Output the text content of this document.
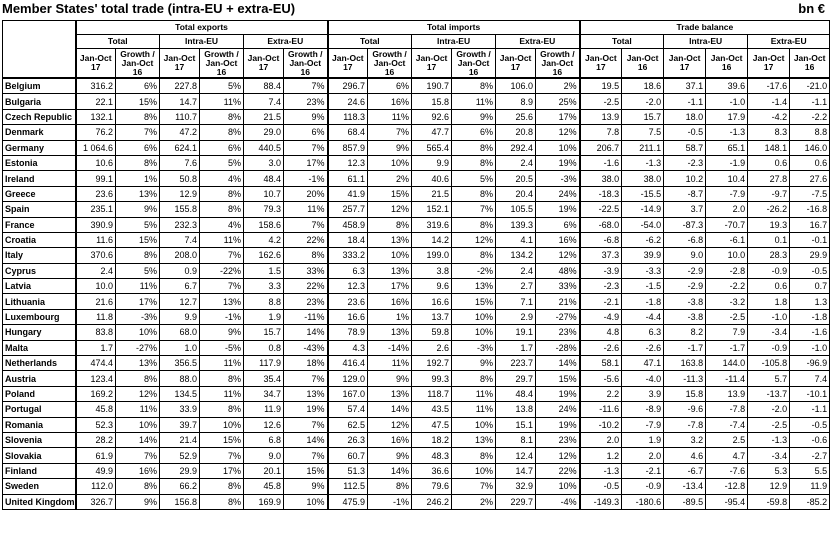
Member States' total trade (intra-EU + extra-EU)	bn €
	Total exports						Total imports						Trade balance					
	Total		Intra-EU		Extra-EU		Total		Intra-EU		Extra-EU		Total		Intra-EU		Extra-EU	
	Jan-Oct 17	Growth / Jan-Oct 16	Jan-Oct 17	Growth / Jan-Oct 16	Jan-Oct 17	Growth / Jan-Oct 16	Jan-Oct 17	Growth / Jan-Oct 16	Jan-Oct 17	Growth / Jan-Oct 16	Jan-Oct 17	Growth / Jan-Oct 16	Jan-Oct 17	Jan-Oct 16	Jan-Oct 17	Jan-Oct 16	Jan-Oct 17	Jan-Oct 16
Belgium	316.2	6%	227.8	5%	88.4	7%	296.7	6%	190.7	8%	106.0	2%	19.5	18.6	37.1	39.6	-17.6	-21.0
Bulgaria	22.1	15%	14.7	11%	7.4	23%	24.6	16%	15.8	11%	8.9	25%	-2.5	-2.0	-1.1	-1.0	-1.4	-1.1
Czech Republic	132.1	8%	110.7	8%	21.5	9%	118.3	11%	92.6	9%	25.6	17%	13.9	15.7	18.0	17.9	-4.2	-2.2
Denmark	76.2	7%	47.2	8%	29.0	6%	68.4	7%	47.7	6%	20.8	12%	7.8	7.5	-0.5	-1.3	8.3	8.8
Germany	1 064.6	6%	624.1	6%	440.5	7%	857.9	9%	565.4	8%	292.4	10%	206.7	211.1	58.7	65.1	148.1	146.0
Estonia	10.6	8%	7.6	5%	3.0	17%	12.3	10%	9.9	8%	2.4	19%	-1.6	-1.3	-2.3	-1.9	0.6	0.6
Ireland	99.1	1%	50.8	4%	48.4	-1%	61.1	2%	40.6	5%	20.5	-3%	38.0	38.0	10.2	10.4	27.8	27.6
Greece	23.6	13%	12.9	8%	10.7	20%	41.9	15%	21.5	8%	20.4	24%	-18.3	-15.5	-8.7	-7.9	-9.7	-7.5
Spain	235.1	9%	155.8	8%	79.3	11%	257.7	12%	152.1	7%	105.5	19%	-22.5	-14.9	3.7	2.0	-26.2	-16.8
France	390.9	5%	232.3	4%	158.6	7%	458.9	8%	319.6	8%	139.3	6%	-68.0	-54.0	-87.3	-70.7	19.3	16.7
Croatia	11.6	15%	7.4	11%	4.2	22%	18.4	13%	14.2	12%	4.1	16%	-6.8	-6.2	-6.8	-6.1	0.1	-0.1
Italy	370.6	8%	208.0	7%	162.6	8%	333.2	10%	199.0	8%	134.2	12%	37.3	39.9	9.0	10.0	28.3	29.9
Cyprus	2.4	5%	0.9	-22%	1.5	33%	6.3	13%	3.8	-2%	2.4	48%	-3.9	-3.3	-2.9	-2.8	-0.9	-0.5
Latvia	10.0	11%	6.7	7%	3.3	22%	12.3	17%	9.6	13%	2.7	33%	-2.3	-1.5	-2.9	-2.2	0.6	0.7
Lithuania	21.6	17%	12.7	13%	8.8	23%	23.6	16%	16.6	15%	7.1	21%	-2.1	-1.8	-3.8	-3.2	1.8	1.3
Luxembourg	11.8	-3%	9.9	-1%	1.9	-11%	16.6	1%	13.7	10%	2.9	-27%	-4.9	-4.4	-3.8	-2.5	-1.0	-1.8
Hungary	83.8	10%	68.0	9%	15.7	14%	78.9	13%	59.8	10%	19.1	23%	4.8	6.3	8.2	7.9	-3.4	-1.6
Malta	1.7	-27%	1.0	-5%	0.8	-43%	4.3	-14%	2.6	-3%	1.7	-28%	-2.6	-2.6	-1.7	-1.7	-0.9	-1.0
Netherlands	474.4	13%	356.5	11%	117.9	18%	416.4	11%	192.7	9%	223.7	14%	58.1	47.1	163.8	144.0	-105.8	-96.9
Austria	123.4	8%	88.0	8%	35.4	7%	129.0	9%	99.3	8%	29.7	15%	-5.6	-4.0	-11.3	-11.4	5.7	7.4
Poland	169.2	12%	134.5	11%	34.7	13%	167.0	13%	118.7	11%	48.4	19%	2.2	3.9	15.8	13.9	-13.7	-10.1
Portugal	45.8	11%	33.9	8%	11.9	19%	57.4	14%	43.5	11%	13.8	24%	-11.6	-8.9	-9.6	-7.8	-2.0	-1.1
Romania	52.3	10%	39.7	10%	12.6	7%	62.5	12%	47.5	10%	15.1	19%	-10.2	-7.9	-7.8	-7.4	-2.5	-0.5
Slovenia	28.2	14%	21.4	15%	6.8	14%	26.3	16%	18.2	13%	8.1	23%	2.0	1.9	3.2	2.5	-1.3	-0.6
Slovakia	61.9	7%	52.9	7%	9.0	7%	60.7	9%	48.3	8%	12.4	12%	1.2	2.0	4.6	4.7	-3.4	-2.7
Finland	49.9	16%	29.9	17%	20.1	15%	51.3	14%	36.6	10%	14.7	22%	-1.3	-2.1	-6.7	-7.6	5.3	5.5
Sweden	112.0	8%	66.2	8%	45.8	9%	112.5	8%	79.6	7%	32.9	10%	-0.5	-0.9	-13.4	-12.8	12.9	11.9
United Kingdom	326.7	9%	156.8	8%	169.9	10%	475.9	-1%	246.2	2%	229.7	-4%	-149.3	-180.6	-89.5	-95.4	-59.8	-85.2
